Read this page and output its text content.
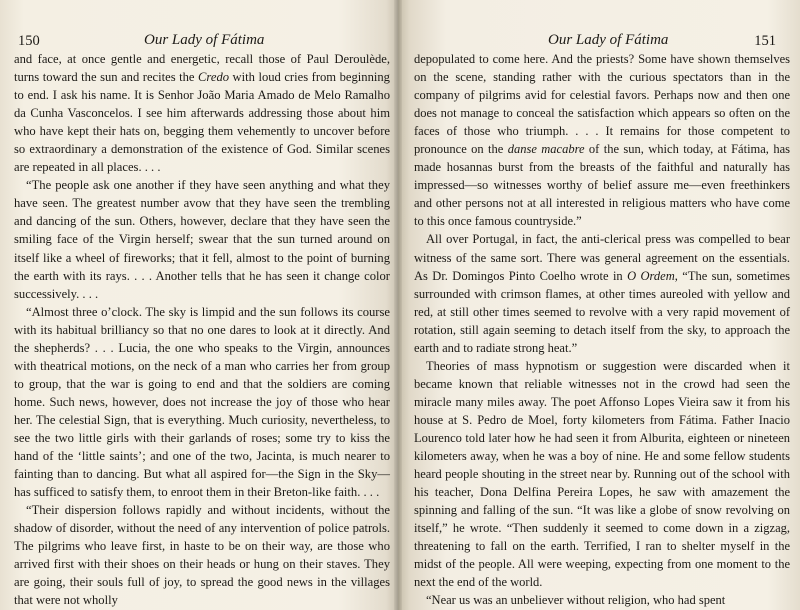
150	Our Lady of Fátima

and face, at once gentle and energetic, recall those of Paul Deroulède, turns toward the sun and recites the Credo with loud cries from beginning to end. I ask his name. It is Senhor João Maria Amado de Melo Ramalho da Cunha Vasconcelos. I see him afterwards addressing those about him who have kept their hats on, begging them vehemently to uncover before so extraordinary a demonstration of the existence of God. Similar scenes are repeated in all places. . . .

“The people ask one another if they have seen anything and what they have seen. The greatest number avow that they have seen the trembling and dancing of the sun. Others, however, declare that they have seen the smiling face of the Virgin herself; swear that the sun turned around on itself like a wheel of fireworks; that it fell, almost to the point of burning the earth with its rays. . . . Another tells that he has seen it change color successively. . . .

“Almost three o’clock. The sky is limpid and the sun follows its course with its habitual brilliancy so that no one dares to look at it directly. And the shepherds? . . . Lucia, the one who speaks to the Virgin, announces with theatrical motions, on the neck of a man who carries her from group to group, that the war is going to end and that the soldiers are coming home. Such news, however, does not increase the joy of those who hear her. The celestial Sign, that is everything. Much curiosity, nevertheless, to see the two little girls with their garlands of roses; some try to kiss the hand of the ‘little saints’; and one of the two, Jacinta, is much nearer to fainting than to dancing. But what all aspired for—the Sign in the Sky—has sufficed to satisfy them, to enroot them in their Breton-like faith. . . .

“Their dispersion follows rapidly and without incidents, without the shadow of disorder, without the need of any intervention of police patrols. The pilgrims who leave first, in haste to be on their way, are those who arrived first with their shoes on their heads or hung on their staves. They are going, their souls full of joy, to spread the good news in the villages that were not wholly

Our Lady of Fátima	151

depopulated to come here. And the priests? Some have shown themselves on the scene, standing rather with the curious spectators than in the company of pilgrims avid for celestial favors. Perhaps now and then one does not manage to conceal the satisfaction which appears so often on the faces of those who triumph. . . . It remains for those competent to pronounce on the danse macabre of the sun, which today, at Fátima, has made hosannas burst from the breasts of the faithful and naturally has impressed—so witnesses worthy of belief assure me—even freethinkers and other persons not at all interested in religious matters who have come to this once famous countryside.”

All over Portugal, in fact, the anti-clerical press was compelled to bear witness of the same sort. There was general agreement on the essentials. As Dr. Domingos Pinto Coelho wrote in O Ordem, “The sun, sometimes surrounded with crimson flames, at other times aureoled with yellow and red, at still other times seemed to revolve with a very rapid movement of rotation, still again seeming to detach itself from the sky, to approach the earth and to radiate strong heat.”

Theories of mass hypnotism or suggestion were discarded when it became known that reliable witnesses not in the crowd had seen the miracle many miles away. The poet Affonso Lopes Vieira saw it from his house at S. Pedro de Moel, forty kilometers from Fátima. Father Inacio Lourenco told later how he had seen it from Alburita, eighteen or nineteen kilometers away, when he was a boy of nine. He and some fellow students heard people shouting in the street near by. Running out of the school with his teacher, Dona Delfina Pereira Lopes, he saw with amazement the spinning and falling of the sun. “It was like a globe of snow revolving on itself,” he wrote. “Then suddenly it seemed to come down in a zigzag, threatening to fall on the earth. Terrified, I ran to shelter myself in the midst of the people. All were weeping, expecting from one moment to the next the end of the world.

“Near us was an unbeliever without religion, who had spent
